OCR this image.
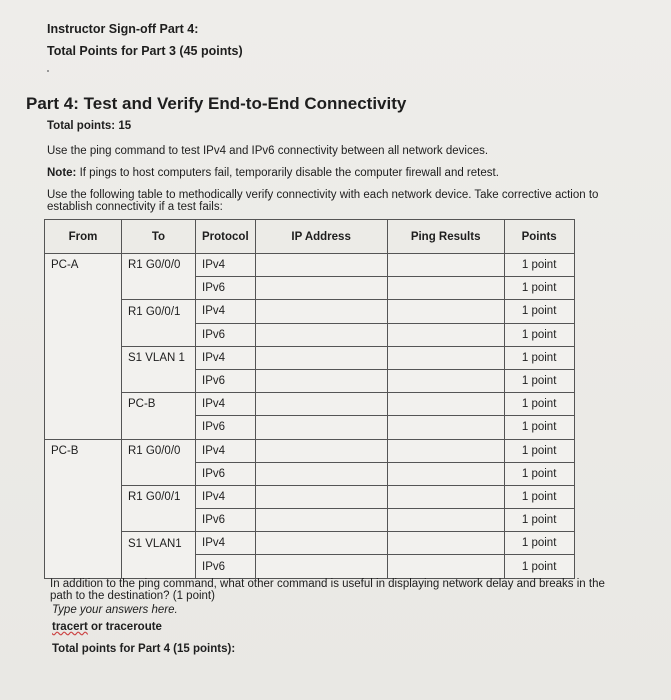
Instructor Sign-off Part 4:
Total Points for Part 3 (45 points)
Part 4: Test and Verify End-to-End Connectivity
Total points: 15
Use the ping command to test IPv4 and IPv6 connectivity between all network devices.
Note: If pings to host computers fail, temporarily disable the computer firewall and retest.
Use the following table to methodically verify connectivity with each network device. Take corrective action to
establish connectivity if a test fails:
From	To	Protocol	IP Address	Ping Results	Points
PC-A	R1 G0/0/0	IPv4			1 point
		IPv6			1 point
	R1 G0/0/1	IPv4			1 point
		IPv6			1 point
	S1 VLAN 1	IPv4			1 point
		IPv6			1 point
	PC-B	IPv4			1 point
		IPv6			1 point
PC-B	R1 G0/0/0	IPv4			1 point
		IPv6			1 point
	R1 G0/0/1	IPv4			1 point
		IPv6			1 point
	S1 VLAN1	IPv4			1 point
		IPv6			1 point
In addition to the ping command, what other command is useful in displaying network delay and breaks in the
path to the destination? (1 point)
Type your answers here.
tracert or traceroute
Total points for Part 4 (15 points):
